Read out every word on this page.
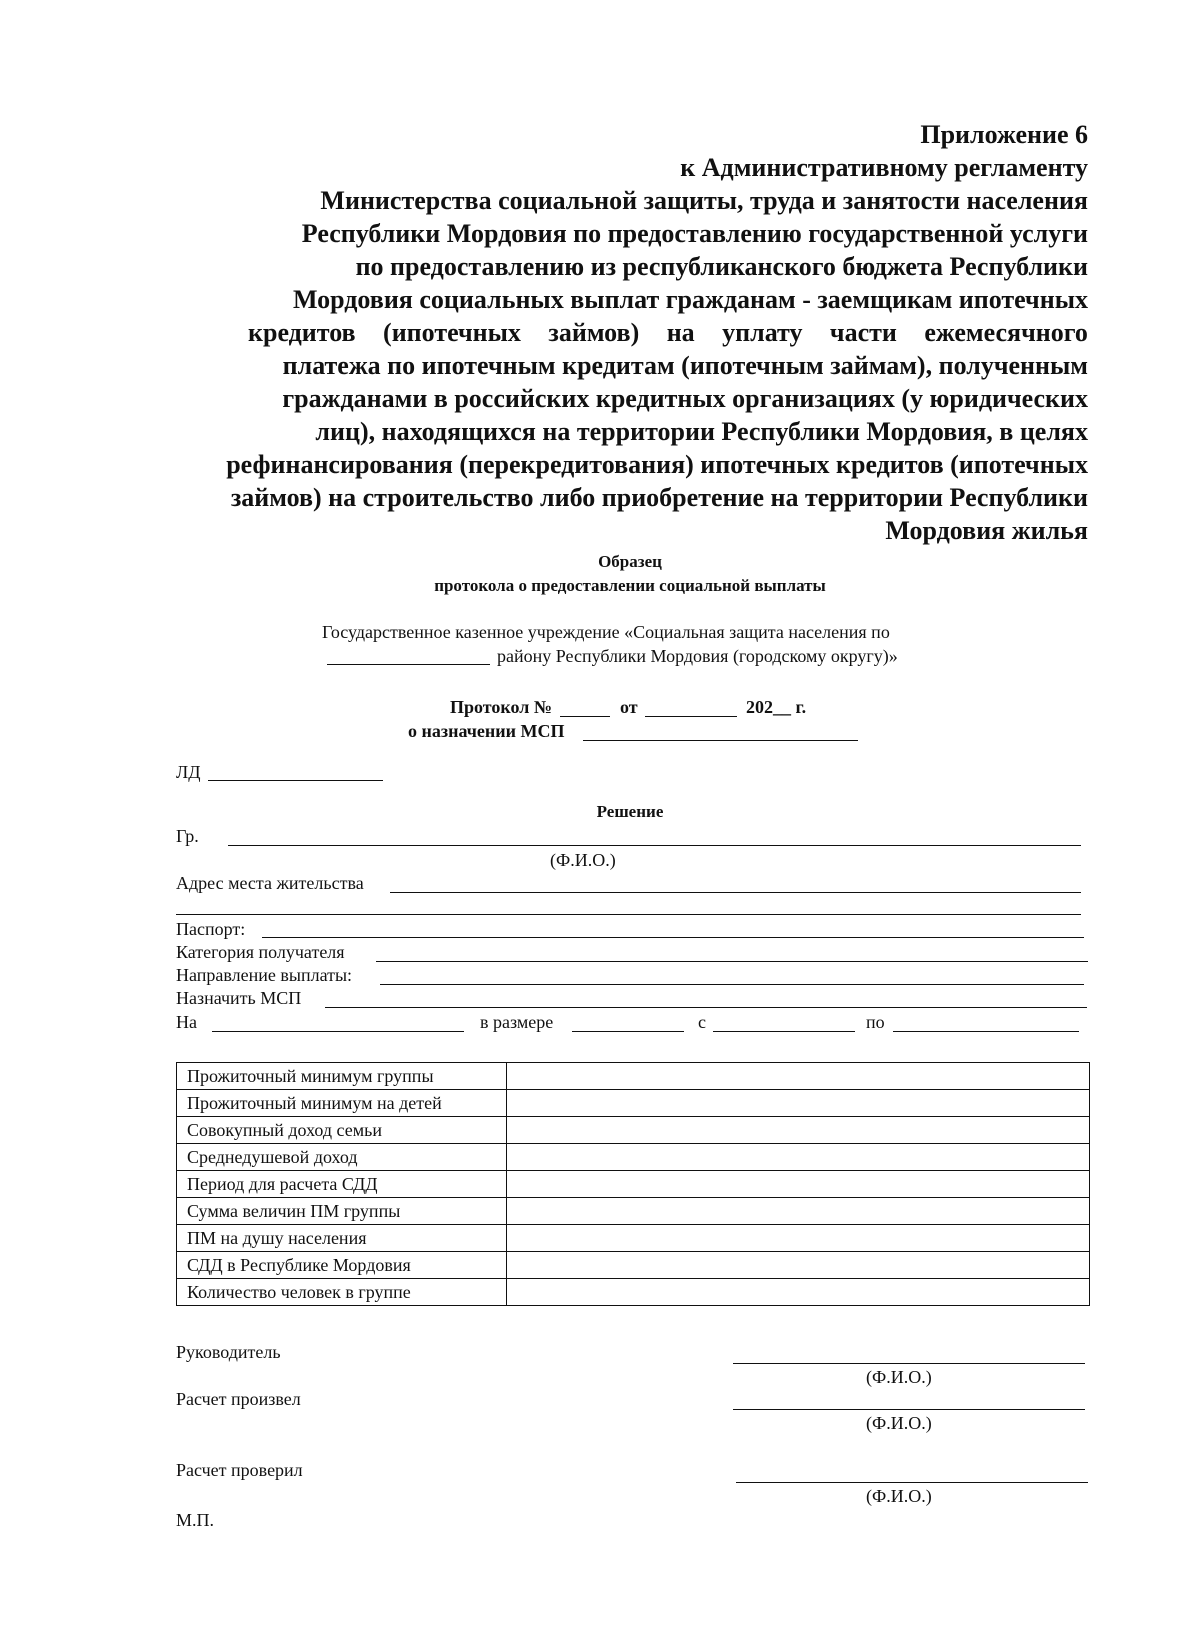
Приложение 6
к Административному регламенту
Министерства социальной защиты, труда и занятости населения
Республики Мордовия по предоставлению государственной услуги
по предоставлению из республиканского бюджета Республики
Мордовия социальных выплат гражданам - заемщикам ипотечных
кредитов (ипотечных займов) на уплату части ежемесячного
платежа по ипотечным кредитам (ипотечным займам), полученным
гражданами в российских кредитных организациях (у юридических
лиц), находящихся на территории Республики Мордовия, в целях
рефинансирования (перекредитования) ипотечных кредитов (ипотечных
займов) на строительство либо приобретение на территории Республики
Мордовия жилья
Образец
протокола о предоставлении социальной выплаты
Государственное казенное учреждение «Социальная защита населения по
району Республики Мордовия (городскому округу)»
Протокол №	от	202__ г.
о назначении МСП
ЛД
Решение
Гр.
(Ф.И.О.)
Адрес места жительства
Паспорт:
Категория получателя
Направление выплаты:
Назначить МСП
На	в размере	с	по
Прожиточный минимум группы	
Прожиточный минимум на детей	
Совокупный доход семьи	
Среднедушевой доход	
Период для расчета СДД	
Сумма величин ПМ группы	
ПМ на душу населения	
СДД в Республике Мордовия	
Количество человек в группе	
Руководитель
(Ф.И.О.)
Расчет произвел
(Ф.И.О.)
Расчет проверил
(Ф.И.О.)
М.П.
